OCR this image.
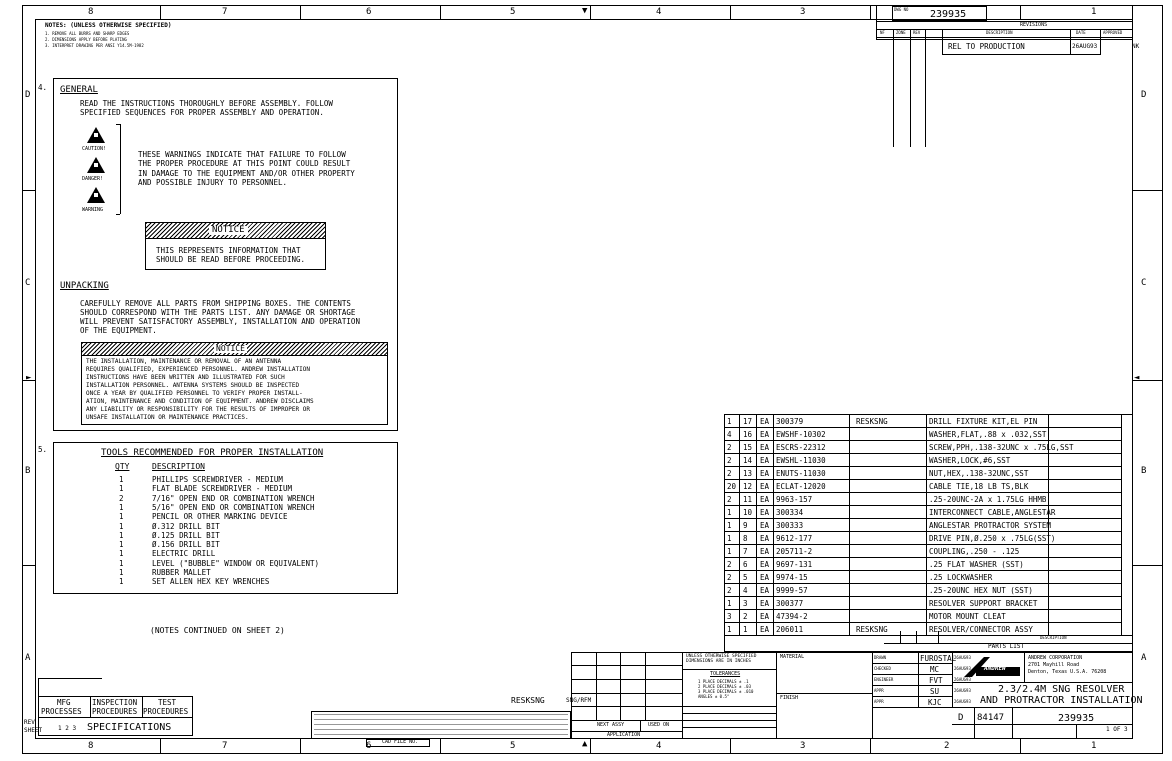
8	7	6	5	4	3	1
8	7	6	5	4	3	2	1
D
C
B
A
D
C
B
A
▼
▲
►	◄
NOTES: (UNLESS OTHERWISE SPECIFIED)
1. REMOVE ALL BURRS AND SHARP EDGES
2. DIMENSIONS APPLY BEFORE PLATING
3. INTERPRET DRAWING PER ANSI Y14.5M-1982
4. GENERAL
READ THE INSTRUCTIONS THOROUGHLY BEFORE ASSEMBLY. FOLLOW
SPECIFIED SEQUENCES FOR PROPER ASSEMBLY AND OPERATION.
CAUTION!
DANGER!
WARNING
THESE WARNINGS INDICATE THAT FAILURE TO FOLLOW
THE PROPER PROCEDURE AT THIS POINT COULD RESULT
IN DAMAGE TO THE EQUIPMENT AND/OR OTHER PROPERTY
AND POSSIBLE INJURY TO PERSONNEL.
NOTICE
THIS REPRESENTS INFORMATION THAT
SHOULD BE READ BEFORE PROCEEDING.
UNPACKING
CAREFULLY REMOVE ALL PARTS FROM SHIPPING BOXES. THE CONTENTS
SHOULD CORRESPOND WITH THE PARTS LIST. ANY DAMAGE OR SHORTAGE
WILL PREVENT SATISFACTORY ASSEMBLY, INSTALLATION AND OPERATION
OF THE EQUIPMENT.
NOTICE
THE INSTALLATION, MAINTENANCE OR REMOVAL OF AN ANTENNA
REQUIRES QUALIFIED, EXPERIENCED PERSONNEL. ANDREW INSTALLATION
INSTRUCTIONS HAVE BEEN WRITTEN AND ILLUSTRATED FOR SUCH
INSTALLATION PERSONNEL. ANTENNA SYSTEMS SHOULD BE INSPECTED
ONCE A YEAR BY QUALIFIED PERSONNEL TO VERIFY PROPER INSTALL-
ATION, MAINTENANCE AND CONDITION OF EQUIPMENT. ANDREW DISCLAIMS
ANY LIABILITY OR RESPONSIBILITY FOR THE RESULTS OF IMPROPER OR
UNSAFE INSTALLATION OR MAINTENANCE PRACTICES.
5.	TOOLS RECOMMENDED FOR PROPER INSTALLATION
QTY	DESCRIPTION
1	PHILLIPS SCREWDRIVER - MEDIUM
1	FLAT BLADE SCREWDRIVER - MEDIUM
2	7/16" OPEN END OR COMBINATION WRENCH
1	5/16" OPEN END OR COMBINATION WRENCH
1	PENCIL OR OTHER MARKING DEVICE
1	Ø.312 DRILL BIT
1	Ø.125 DRILL BIT
1	Ø.156 DRILL BIT
1	ELECTRIC DRILL
1	LEVEL ("BUBBLE" WINDOW OR EQUIVALENT)
1	RUBBER MALLET
1	SET ALLEN HEX KEY WRENCHES
(NOTES CONTINUED ON SHEET 2)
DWG NO 239935
REVISIONS
NF	ZONE REV	DESCRIPTION	DATE	APPROVED
REL TO PRODUCTION	26AUG93	NK
1 17 EA 300379	RESKSNG	DRILL FIXTURE KIT,EL PIN
4 16 EA EWSHF-10302	WASHER,FLAT,.88 x .032,SST
2 15 EA ESCRS-22312	SCREW,PPH,.138-32UNC x .75LG,SST
2 14 EA EWSHL-11030	WASHER,LOCK,#6,SST
2 13 EA ENUTS-11030	NUT,HEX,.138-32UNC,SST
20 12 EA ECLAT-12020	CABLE TIE,18 LB TS,BLK
2 11 EA 9963-157	.25-20UNC-2A x 1.75LG HHMB
1 10 EA 300334	INTERCONNECT CABLE,ANGLESTAR
1 9 EA 300333	ANGLESTAR PROTRACTOR SYSTEM
1 8 EA 9612-177	DRIVE PIN,Ø.250 x .75LG(SST)
1 7 EA 205711-2	COUPLING,.250 - .125
2 6 EA 9697-131	.25 FLAT WASHER (SST)
2 5 EA 9974-15	.25 LOCKWASHER
2 4 EA 9999-57	.25-20UNC HEX NUT (SST)
1 3 EA 300377	RESOLVER SUPPORT BRACKET
3 2 EA 47394-2	MOTOR MOUNT CLEAT
1 1 EA 206011	RESKSNG	RESOLVER/CONNECTOR ASSY
DESCRIPTION
PARTS LIST
MATERIAL
FINISH
UNLESS OTHERWISE SPECIFIED DIMENSIONS ARE IN INCHES
TOLERANCES
1 PLACE DECIMALS ± .1
2 PLACE DECIMALS ± .03
3 PLACE DECIMALS ± .010
ANGLES ± 0.5°
NEXT ASSY	USED ON
APPLICATION
DRAWN	FUROSTAL
26AUG93
CHECKED	MC	26AUG93
ENGINEER	FVT	26AUG93
APPR	SU	26AUG93
APPR	KJC	26AUG93
ANDREW
ANDREW CORPORATION
2701 Mayhill Road
Denton, Texas U.S.A. 76208
2.3/2.4M SNG RESOLVER
AND PROTRACTOR INSTALLATION
D 84147	239935
1 OF 3
RESKSNG	SNG/RFM
CAD FILE NO.
MFG
PROCESSES
INSPECTION
PROCEDURES
TEST
PROCEDURES
REV
SHEET	1 2 3 SPECIFICATIONS
